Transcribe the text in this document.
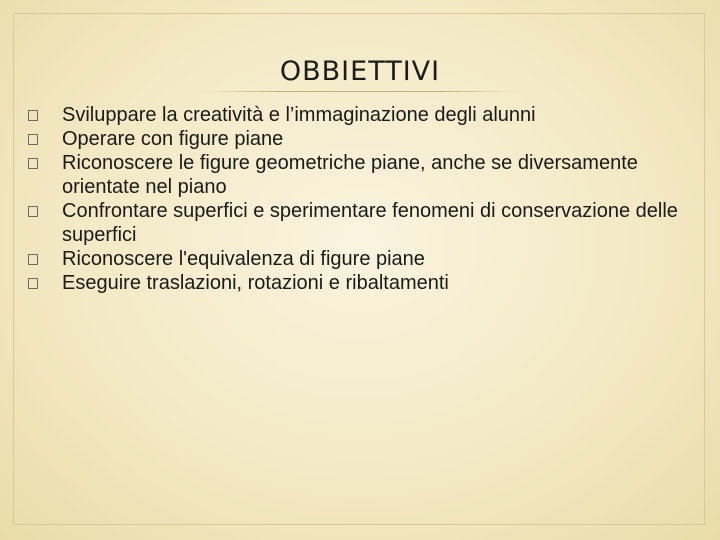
OBBIETTIVI
Sviluppare la creatività e l’immaginazione degli alunni
Operare con figure piane
Riconoscere le figure geometriche piane, anche se diversamente orientate nel piano
Confrontare superfici e sperimentare fenomeni di conservazione delle superfici
Riconoscere l'equivalenza di figure piane
Eseguire traslazioni, rotazioni e ribaltamenti
